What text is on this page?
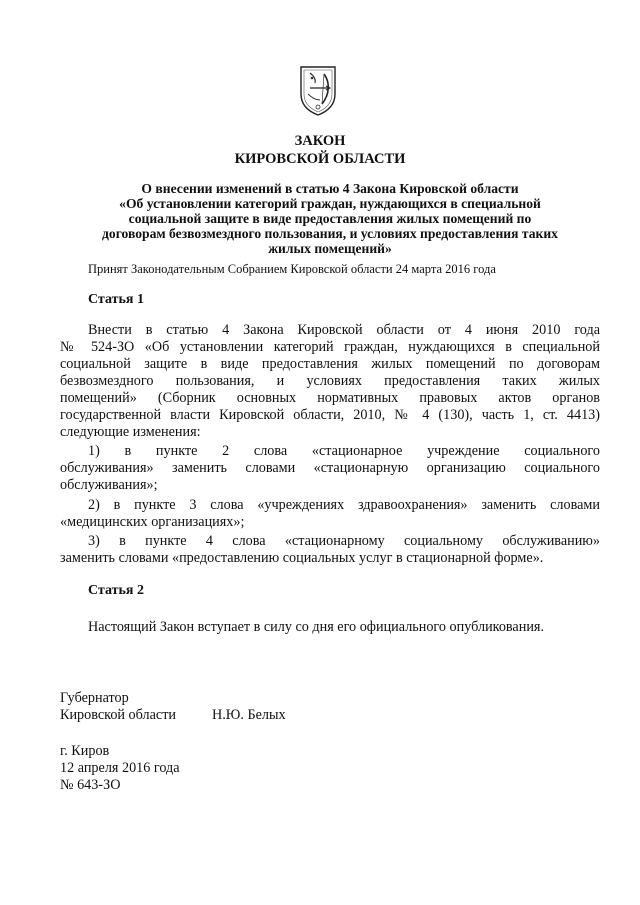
ЗАКОН
КИРОВСКОЙ ОБЛАСТИ
О внесении изменений в статью 4 Закона Кировской области
«Об установлении категорий граждан, нуждающихся в специальной
социальной защите в виде предоставления жилых помещений по
договорам безвозмездного пользования, и условиях предоставления таких
жилых помещений»
Принят Законодательным Собранием Кировской области 24 марта 2016 года
Статья 1
Внести в статью 4 Закона Кировской области от 4 июня 2010 года
№ 524-ЗО «Об установлении категорий граждан, нуждающихся в специальной
социальной защите в виде предоставления жилых помещений по договорам
безвозмездного пользования, и условиях предоставления таких жилых
помещений» (Сборник основных нормативных правовых актов органов
государственной власти Кировской области, 2010, № 4 (130), часть 1, ст. 4413)
следующие изменения:
1) в пункте 2 слова «стационарное учреждение социального
обслуживания» заменить словами «стационарную организацию социального
обслуживания»;
2) в пункте 3 слова «учреждениях здравоохранения» заменить словами
«медицинских организациях»;
3) в пункте 4 слова «стационарному социальному обслуживанию»
заменить словами «предоставлению социальных услуг в стационарной форме».
Статья 2
Настоящий Закон вступает в силу со дня его официального опубликования.
Губернатор
Кировской области	Н.Ю. Белых
г. Киров
12 апреля 2016 года
№ 643-ЗО
